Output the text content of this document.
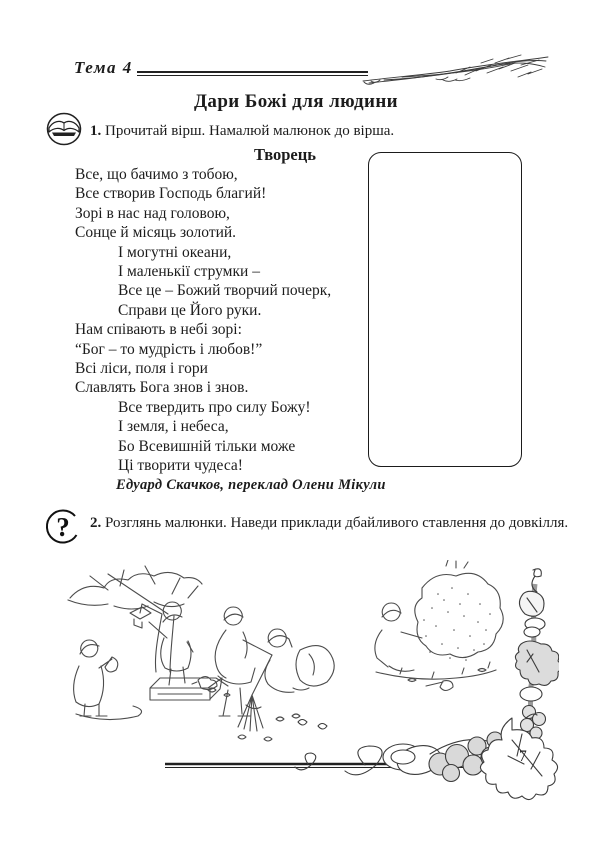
Тема 4
Дари Божі для людини
1. Прочитай вірш. Намалюй малюнок до вірша.
Творець
Все, що бачимо з тобою,
Все створив Господь благий!
Зорі в нас над головою,
Сонце й місяць золотий.
І могутні океани,
І маленькії струмки –
Все це – Божий творчий почерк,
Справи це Його руки.
Нам співають в небі зорі:
“Бог – то мудрість і любов!”
Всі ліси, поля і гори
Славлять Бога знов і знов.
Все твердить про силу Божу!
І земля, і небеса,
Бо Всевишній тільки може
Ці творити чудеса!
Едуард Скачков, переклад Олени Мікули
? 2. Розглянь малюнки. Наведи приклади дбайливого ставлення до довкілля.
7
